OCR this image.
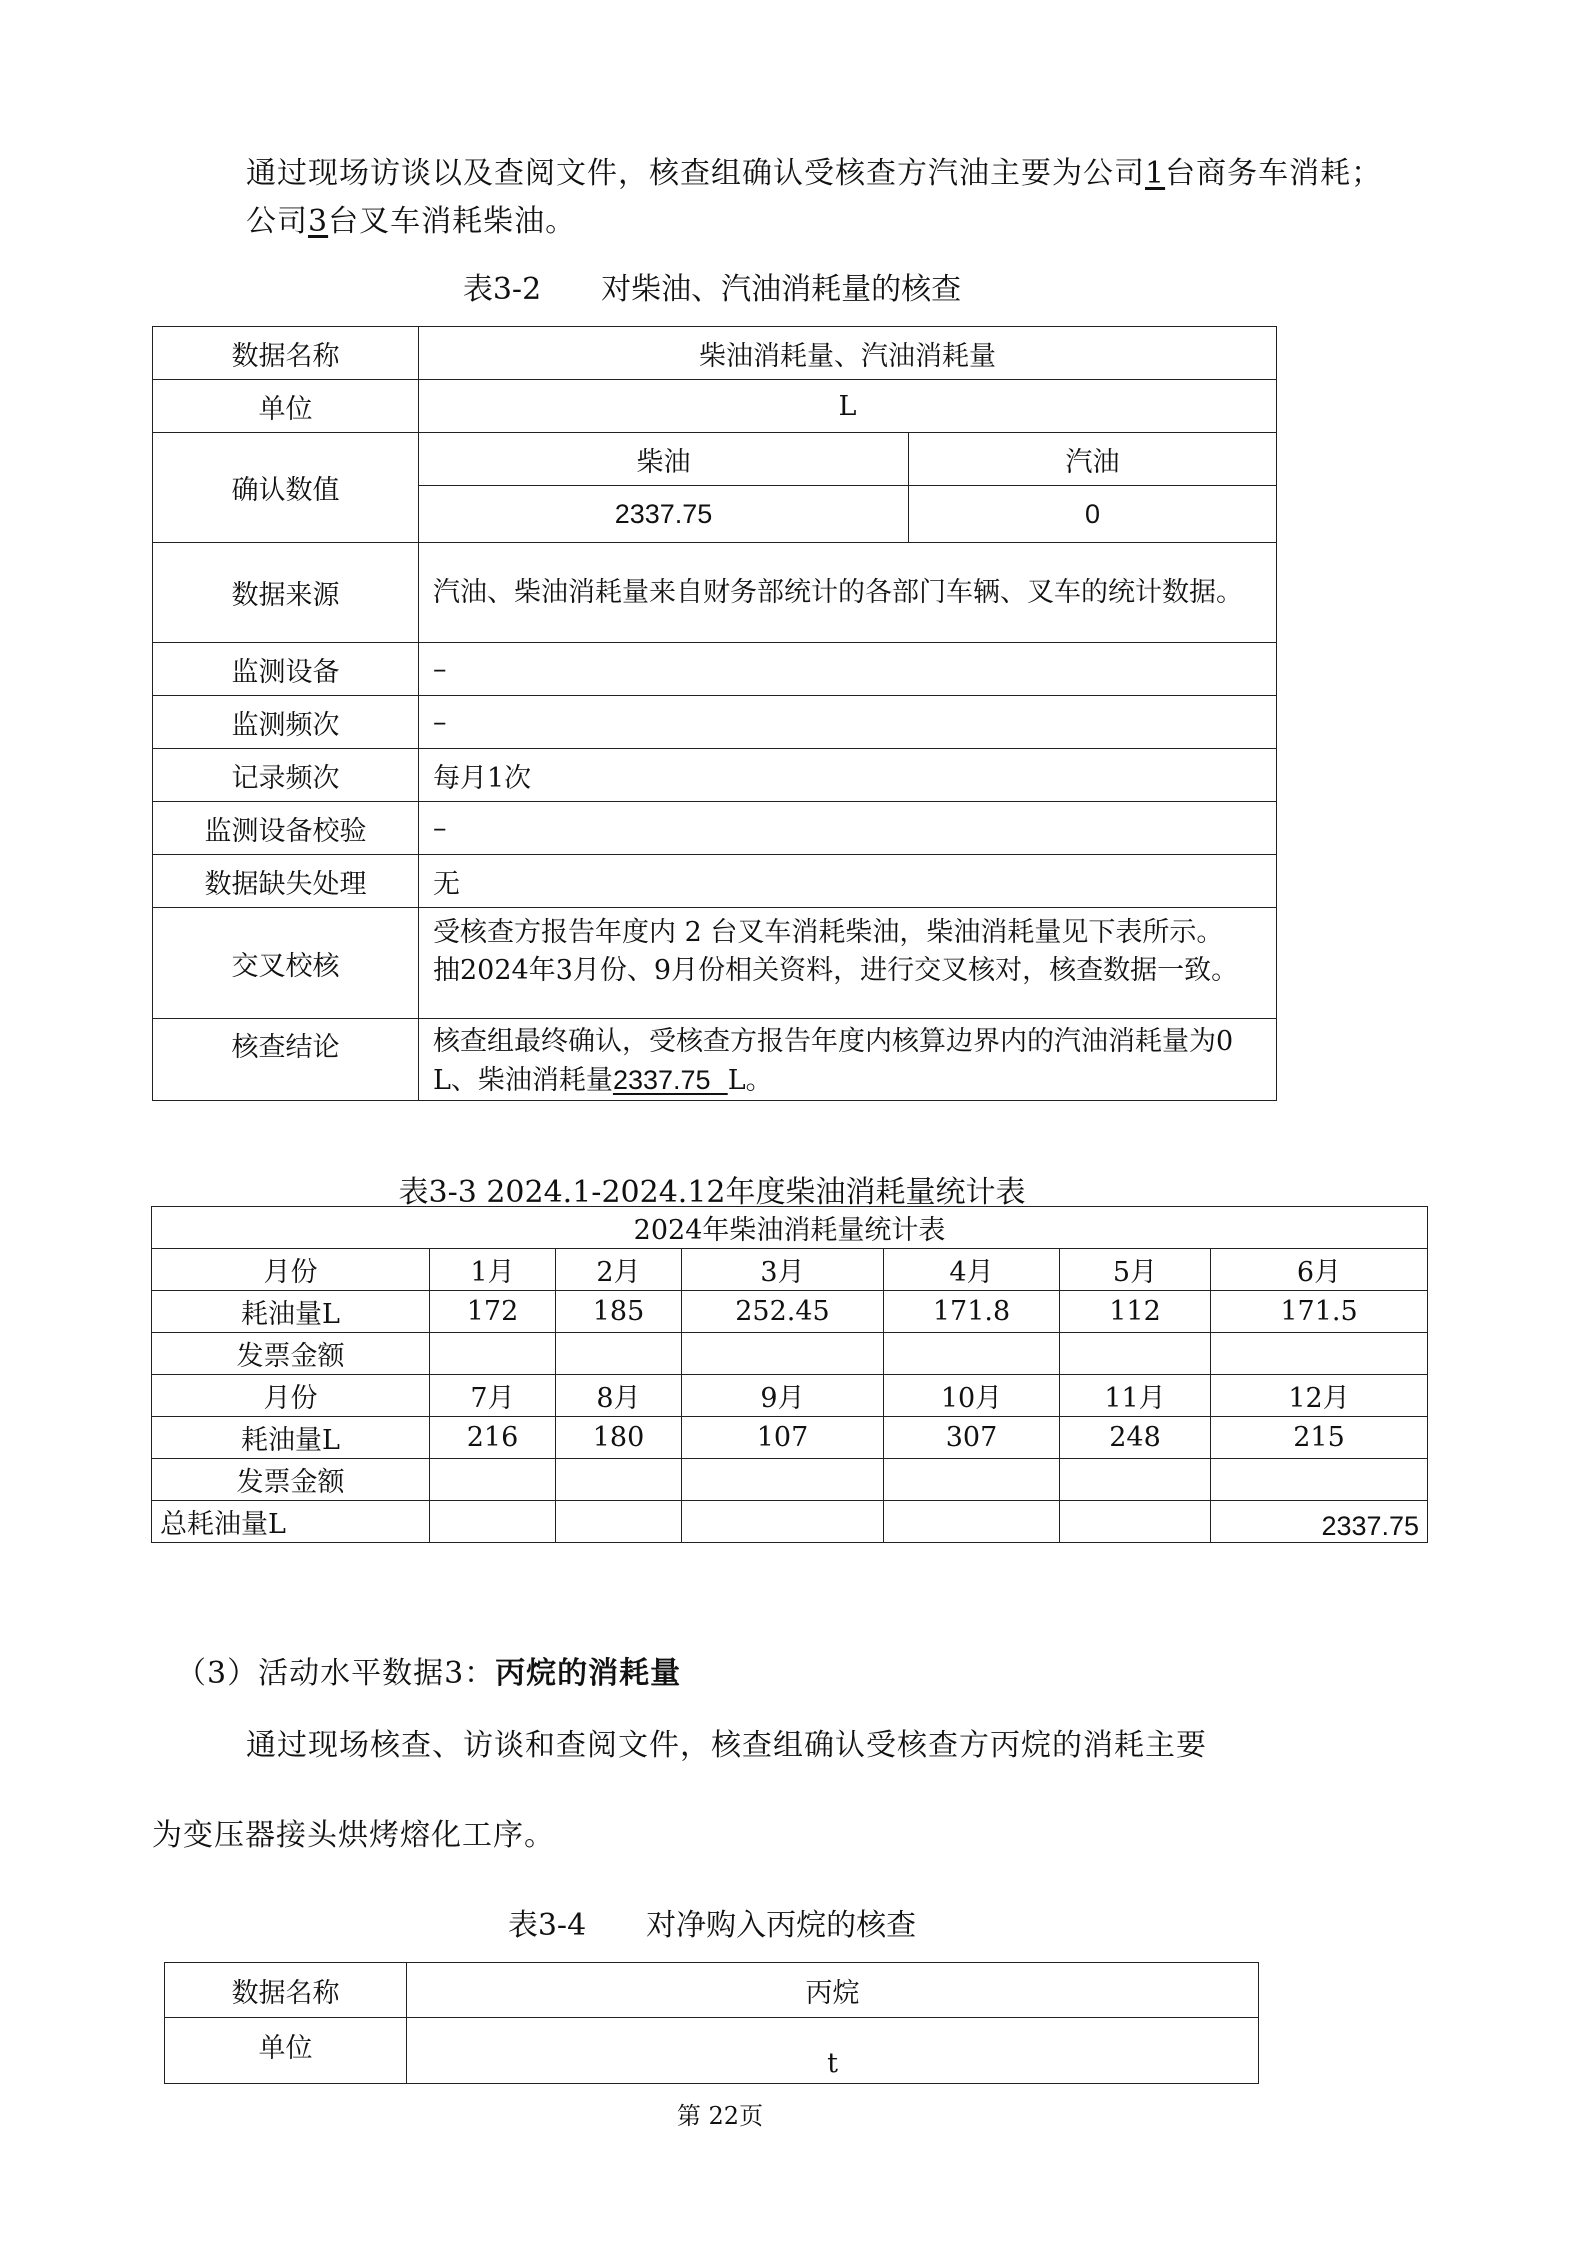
通过现场访谈以及查阅文件，核查组确认受核查方汽油主要为公司1台商务车消耗；
公司3台叉车消耗柴油。
表3-2　　对柴油、汽油消耗量的核查
数据名称	柴油消耗量、汽油消耗量	
单位	L	
确认数值	柴油	汽油
	2337.75	0
数据来源	汽油、柴油消耗量来自财务部统计的各部门车辆、叉车的统计数据。	
监测设备	–	
监测频次	–	
记录频次	每月1次	
监测设备校验	–	
数据缺失处理	无	
交叉校核	受核查方报告年度内 2 台叉车消耗柴油，柴油消耗量见下表所示。
抽2024年3月份、9月份相关资料，进行交叉核对，核查数据一致。	

核查结论	核查组最终确认，受核查方报告年度内核算边界内的汽油消耗量为0
L、柴油消耗量2337.75 L。	
表3-3 2024.1-2024.12年度柴油消耗量统计表
2024年柴油消耗量统计表						
月份	1月	2月	3月	4月	5月	6月
耗油量L	172	185	252.45	171.8	112	171.5
发票金额						
月份	7月	8月	9月	10月	11月	12月
耗油量L	216	180	107	307	248	215
发票金额						
总耗油量L						2337.75
（3）活动水平数据3：丙烷的消耗量
通过现场核查、访谈和查阅文件，核查组确认受核查方丙烷的消耗主要
为变压器接头烘烤熔化工序。
表3-4　　对净购入丙烷的核查
数据名称	丙烷
单位	t
第 22页
